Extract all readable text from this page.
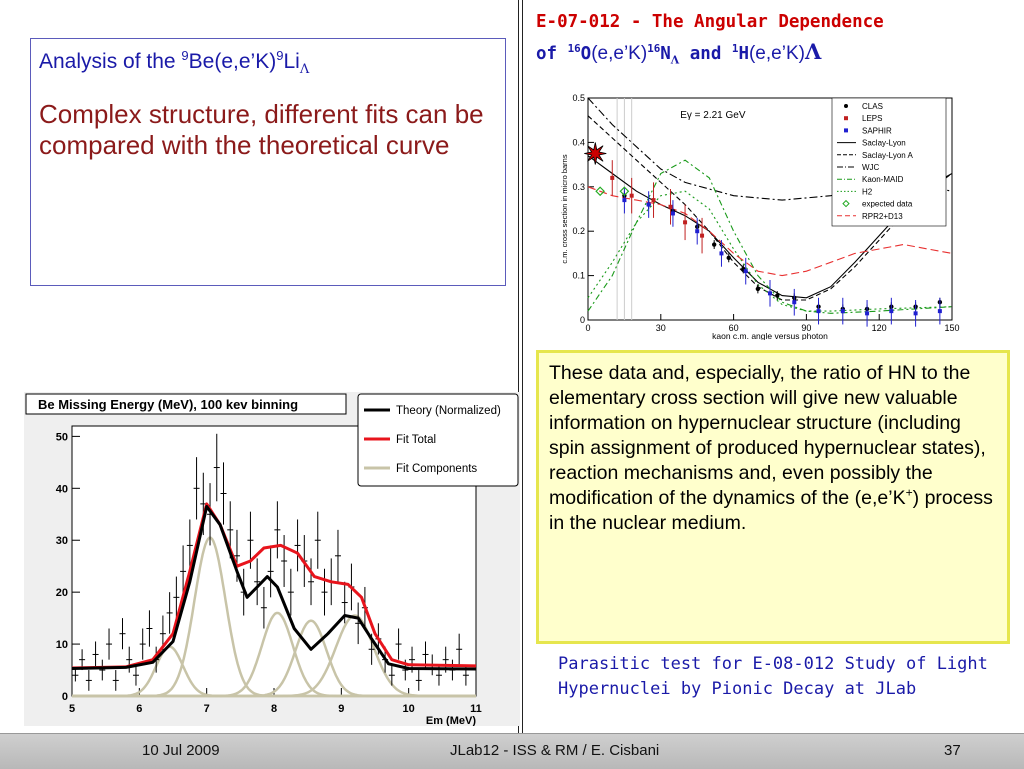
Analysis of the $^9Be(e,e’K)^9Li_\Lambda$
Complex structure, different fits can be compared with the theoretical curve
E-07-012 - The Angular Dependence
of $^{16}O(e,e’K)^{16}N_\Lambda$ and $^1$H(e,e’K)Λ
Be Missing Energy (MeV), 100 kev binning
5	6	7	8	9	10	11
0
10
20
30
40
50
Em (MeV)
Theory (Normalized)
Fit Total
Fit Components
0	30	60	90	120	150
0
0.1
0.2
0.3
0.4
0.5
kaon c.m. angle versus photon
c.m. cross section in micro barns
Eγ = 2.21 GeV
CLAS
LEPS
SAPHIR
Saclay-Lyon
Saclay-Lyon A
WJC
Kaon-MAID
H2
expected data
RPR2+D13
These data and, especially, the ratio of HN to the elementary cross section will give new valuable information on hypernuclear structure (including spin assignment of produced hypernuclear states), reaction mechanisms and, even possibly the modification of the dynamics of the (e,e’K+) process in the nuclear medium.
Parasitic test for E-08-012 Study of Light Hypernuclei by Pionic Decay at JLab
10 Jul 2009	JLab12 - ISS & RM / E. Cisbani	37
